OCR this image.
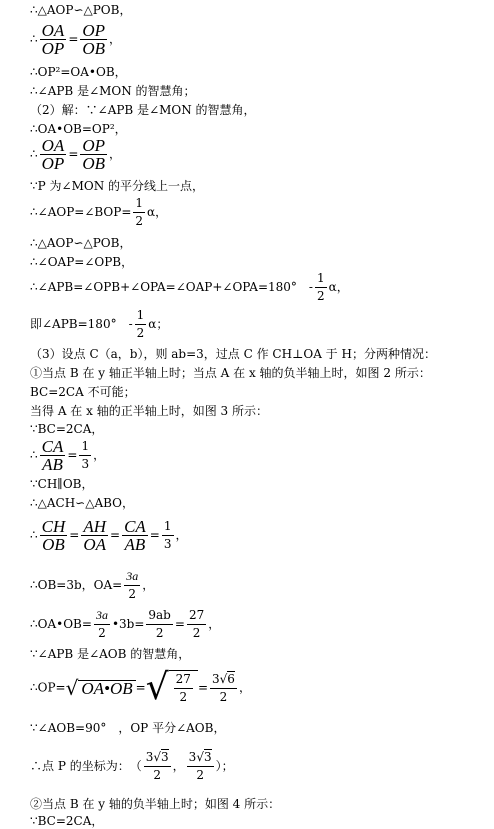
∴△AOP∽△POB，
∴ $\frac{OA}{OP} = \frac{OP}{OB}$ ，
∴OP²=OA•OB，
∴∠APB 是∠MON 的智慧角；
（2）解：∵∠APB 是∠MON 的智慧角，
∴OA•OB=OP²，
∴ $\frac{OA}{OP} = \frac{OP}{OB}$ ，
∵P 为∠MON 的平分线上一点，
∴∠AOP=∠BOP= $\frac{1}{2}$ α，
∴△AOP∽△POB，
∴∠OAP=∠OPB，
∴∠APB=∠OPB+∠OPA=∠OAP+∠OPA=180°　- $\frac{1}{2}$ α，
即∠APB=180°　- $\frac{1}{2}$ α；
（3）设点 C（a，b），则 ab=3，过点 C 作 CH⊥OA 于 H；分两种情况：
①当点 B 在 y 轴正半轴上时；当点 A 在 x 轴的负半轴上时，如图 2 所示：
BC=2CA 不可能；
当得 A 在 x 轴的正半轴上时，如图 3 所示：
∵BC=2CA，
∴ $\frac{CA}{AB} = \frac{1}{3}$ ，
∵CH∥OB，
∴△ACH∽△ABO，
∴ $\frac{CH}{OB} = \frac{AH}{OA} = \frac{CA}{AB} = \frac{1}{3}$ ，
∴OB=3b，$OA= \frac{3a}{2}$ ，
∴OA•OB= $\frac{3a}{2}$ •3b= $\frac{9ab}{2} = \frac{27}{2}$ ，
∵∠APB 是∠AOB 的智慧角，
∴OP= √ OA•OB = √ $\frac{27}{2} = \frac{3√6}{2}$ ，
∵∠AOB=90°　，OP 平分∠AOB，
∴点 P 的坐标为：　（ $\frac{3√3}{2}$ ， $\frac{3√3}{2}$ ）；
②当点 B 在 y 轴的负半轴上时；如图 4 所示：
∵BC=2CA，
